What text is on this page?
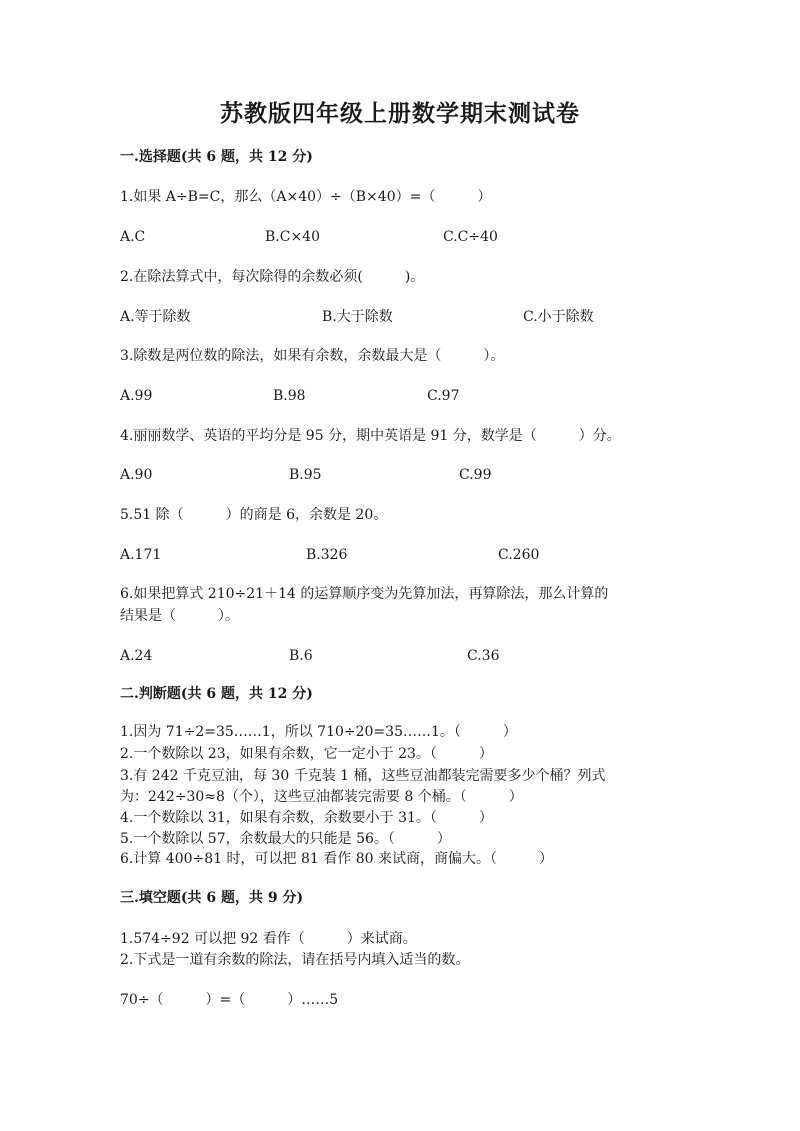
苏教版四年级上册数学期末测试卷
一.选择题(共 6 题，共 12 分)
1.如果 A÷B=C，那么（A×40）÷（B×40）=（　　　）
A.C	B.C×40	C.C÷40
2.在除法算式中，每次除得的余数必须(　　　)。
A.等于除数	B.大于除数	C.小于除数
3.除数是两位数的除法，如果有余数，余数最大是（　　　）。
A.99	B.98	C.97
4.丽丽数学、英语的平均分是 95 分，期中英语是 91 分，数学是（　　　）分。
A.90	B.95	C.99
5.51 除（　　　）的商是 6，余数是 20。
A.171	B.326	C.260
6.如果把算式 210÷21＋14 的运算顺序变为先算加法，再算除法，那么计算的
结果是（　　　）。
A.24	B.6	C.36
二.判断题(共 6 题，共 12 分)
1.因为 71÷2=35……1，所以 710÷20=35……1。（　　　）
2.一个数除以 23，如果有余数，它一定小于 23。（　　　）
3.有 242 千克豆油，每 30 千克装 1 桶，这些豆油都装完需要多少个桶？列式
为：242÷30≈8（个），这些豆油都装完需要 8 个桶。（　　　）
4.一个数除以 31，如果有余数，余数要小于 31。（　　　）
5.一个数除以 57，余数最大的只能是 56。（　　　）
6.计算 400÷81 时，可以把 81 看作 80 来试商，商偏大。（　　　）
三.填空题(共 6 题，共 9 分)
1.574÷92 可以把 92 看作（　　　）来试商。
2.下式是一道有余数的除法，请在括号内填入适当的数。
70÷（　　　）=（　　　）……5
